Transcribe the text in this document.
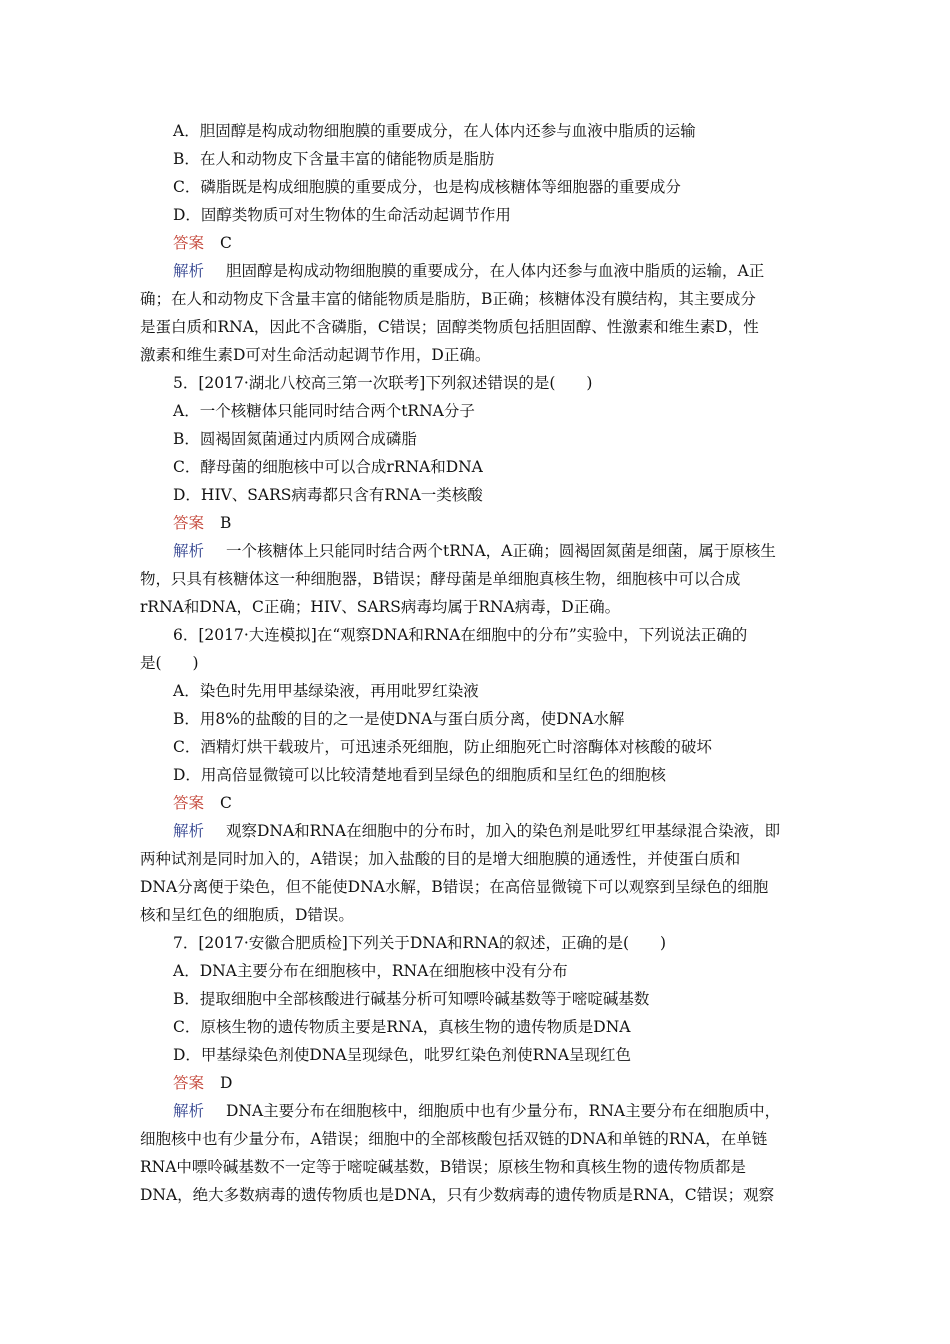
A．胆固醇是构成动物细胞膜的重要成分，在人体内还参与血液中脂质的运输
B．在人和动物皮下含量丰富的储能物质是脂肪
C．磷脂既是构成细胞膜的重要成分，也是构成核糖体等细胞器的重要成分
D．固醇类物质可对生物体的生命活动起调节作用
答案 C
解析 胆固醇是构成动物细胞膜的重要成分，在人体内还参与血液中脂质的运输，A正
确；在人和动物皮下含量丰富的储能物质是脂肪，B正确；核糖体没有膜结构，其主要成分
是蛋白质和RNA，因此不含磷脂，C错误；固醇类物质包括胆固醇、性激素和维生素D，性
激素和维生素D可对生命活动起调节作用，D正确。
5．[2017·湖北八校高三第一次联考]下列叙述错误的是(　　)
A．一个核糖体只能同时结合两个tRNA分子
B．圆褐固氮菌通过内质网合成磷脂
C．酵母菌的细胞核中可以合成rRNA和DNA
D．HIV、SARS病毒都只含有RNA一类核酸
答案 B
解析 一个核糖体上只能同时结合两个tRNA，A正确；圆褐固氮菌是细菌，属于原核生
物，只具有核糖体这一种细胞器，B错误；酵母菌是单细胞真核生物，细胞核中可以合成
rRNA和DNA，C正确；HIV、SARS病毒均属于RNA病毒，D正确。
6．[2017·大连模拟]在“观察DNA和RNA在细胞中的分布”实验中，下列说法正确的
是(　　)
A．染色时先用甲基绿染液，再用吡罗红染液
B．用8%的盐酸的目的之一是使DNA与蛋白质分离，使DNA水解
C．酒精灯烘干载玻片，可迅速杀死细胞，防止细胞死亡时溶酶体对核酸的破坏
D．用高倍显微镜可以比较清楚地看到呈绿色的细胞质和呈红色的细胞核
答案 C
解析 观察DNA和RNA在细胞中的分布时，加入的染色剂是吡罗红甲基绿混合染液，即
两种试剂是同时加入的，A错误；加入盐酸的目的是增大细胞膜的通透性，并使蛋白质和
DNA分离便于染色，但不能使DNA水解，B错误；在高倍显微镜下可以观察到呈绿色的细胞
核和呈红色的细胞质，D错误。
7．[2017·安徽合肥质检]下列关于DNA和RNA的叙述，正确的是(　　)
A．DNA主要分布在细胞核中，RNA在细胞核中没有分布
B．提取细胞中全部核酸进行碱基分析可知嘌呤碱基数等于嘧啶碱基数
C．原核生物的遗传物质主要是RNA，真核生物的遗传物质是DNA
D．甲基绿染色剂使DNA呈现绿色，吡罗红染色剂使RNA呈现红色
答案 D
解析 DNA主要分布在细胞核中，细胞质中也有少量分布，RNA主要分布在细胞质中，
细胞核中也有少量分布，A错误；细胞中的全部核酸包括双链的DNA和单链的RNA，在单链
RNA中嘌呤碱基数不一定等于嘧啶碱基数，B错误；原核生物和真核生物的遗传物质都是
DNA，绝大多数病毒的遗传物质也是DNA，只有少数病毒的遗传物质是RNA，C错误；观察
